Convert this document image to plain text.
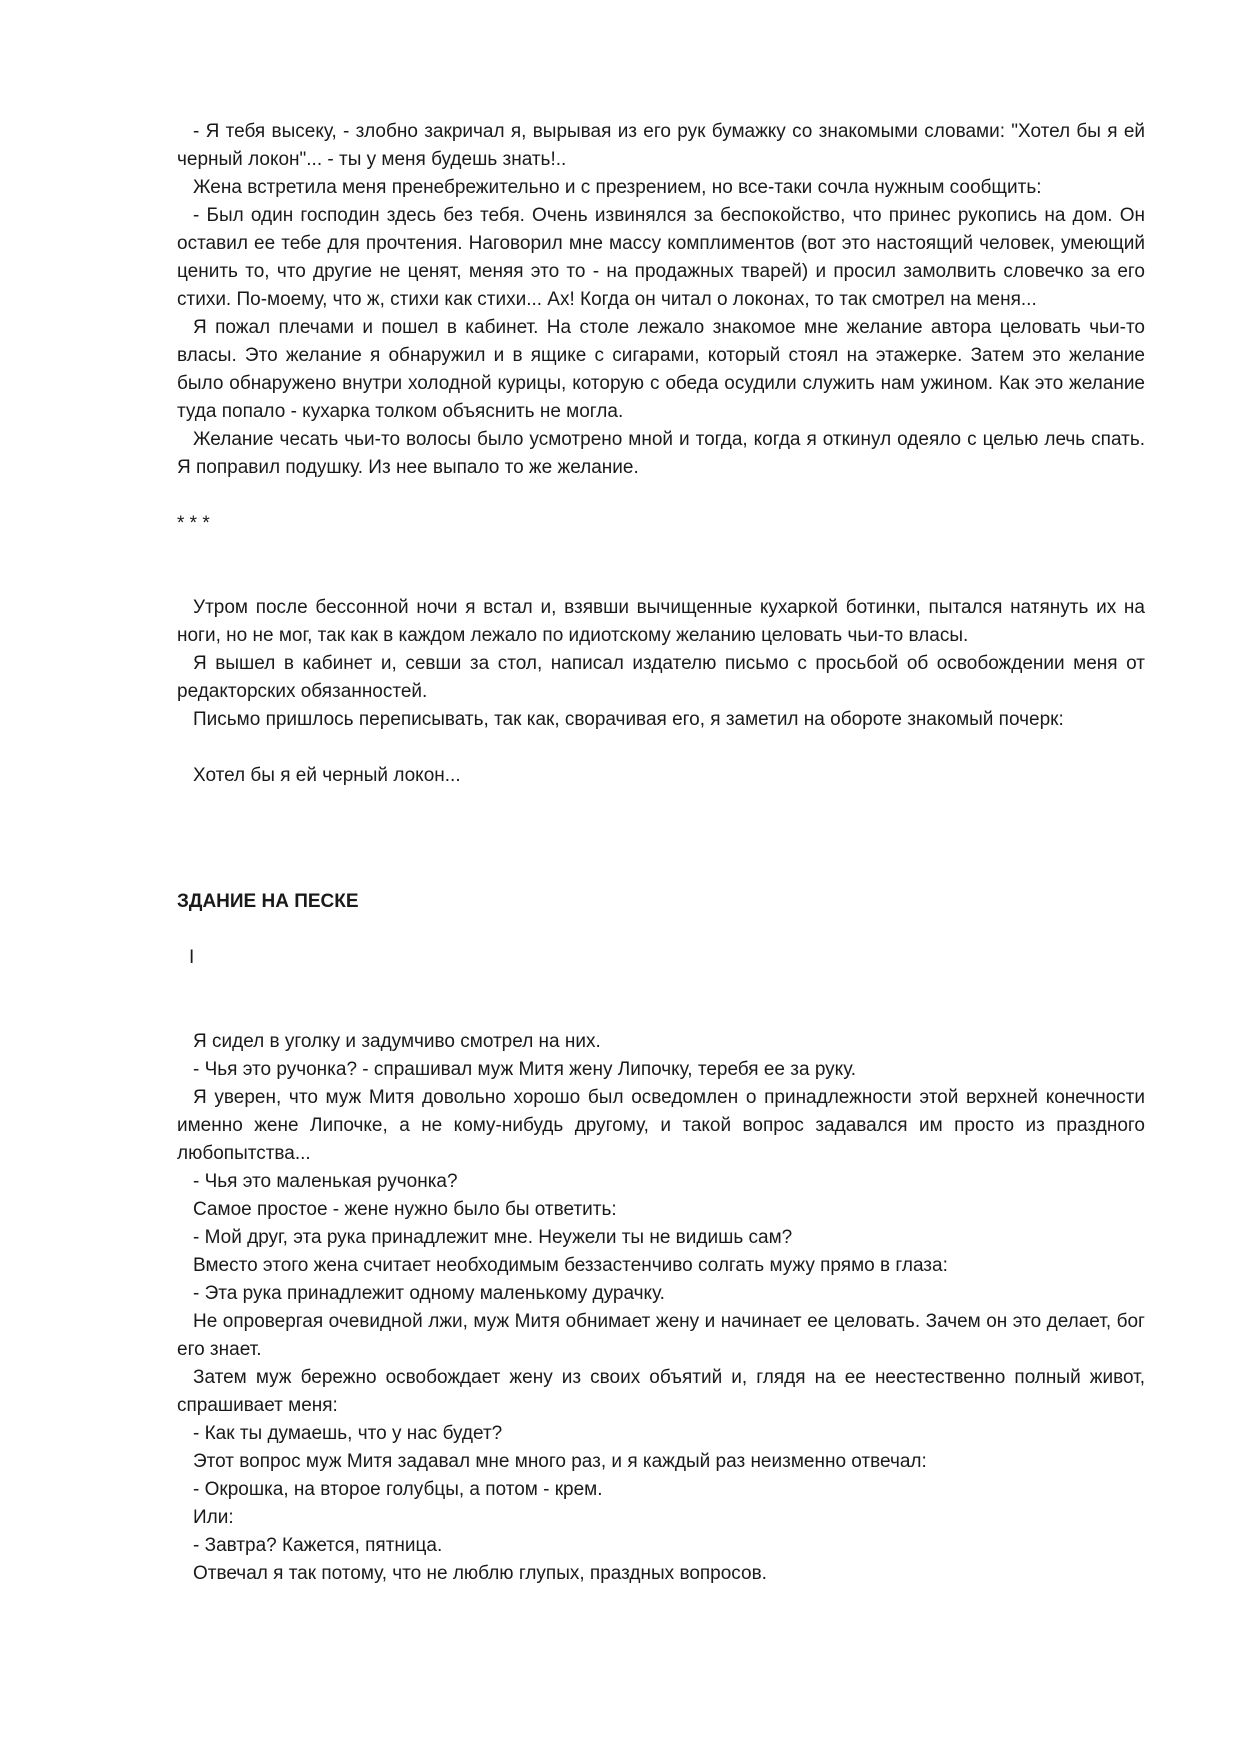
- Я тебя высеку, - злобно закричал я, вырывая из его рук бумажку со знакомыми словами: "Хотел бы я ей черный локон"... - ты у меня будешь знать!..

Жена встретила меня пренебрежительно и с презрением, но все-таки сочла нужным сообщить:

- Был один господин здесь без тебя. Очень извинялся за беспокойство, что принес рукопись на дом. Он оставил ее тебе для прочтения. Наговорил мне массу комплиментов (вот это настоящий человек, умеющий ценить то, что другие не ценят, меняя это то - на продажных тварей) и просил замолвить словечко за его стихи. По-моему, что ж, стихи как стихи... Ах! Когда он читал о локонах, то так смотрел на меня...

Я пожал плечами и пошел в кабинет. На столе лежало знакомое мне желание автора целовать чьи-то власы. Это желание я обнаружил и в ящике с сигарами, который стоял на этажерке. Затем это желание было обнаружено внутри холодной курицы, которую с обеда осудили служить нам ужином. Как это желание туда попало - кухарка толком объяснить не могла.

Желание чесать чьи-то волосы было усмотрено мной и тогда, когда я откинул одеяло с целью лечь спать. Я поправил подушку. Из нее выпало то же желание.

* * *

Утром после бессонной ночи я встал и, взявши вычищенные кухаркой ботинки, пытался натянуть их на ноги, но не мог, так как в каждом лежало по идиотскому желанию целовать чьи-то власы.

Я вышел в кабинет и, севши за стол, написал издателю письмо с просьбой об освобождении меня от редакторских обязанностей.

Письмо пришлось переписывать, так как, сворачивая его, я заметил на обороте знакомый почерк:

Хотел бы я ей черный локон...

ЗДАНИЕ НА ПЕСКЕ

I

Я сидел в уголку и задумчиво смотрел на них.

- Чья это ручонка? - спрашивал муж Митя жену Липочку, теребя ее за руку.

Я уверен, что муж Митя довольно хорошо был осведомлен о принадлежности этой верхней конечности именно жене Липочке, а не кому-нибудь другому, и такой вопрос задавался им просто из праздного любопытства...

- Чья это маленькая ручонка?

Самое простое - жене нужно было бы ответить:

- Мой друг, эта рука принадлежит мне. Неужели ты не видишь сам?

Вместо этого жена считает необходимым беззастенчиво солгать мужу прямо в глаза:

- Эта рука принадлежит одному маленькому дурачку.

Не опровергая очевидной лжи, муж Митя обнимает жену и начинает ее целовать. Зачем он это делает, бог его знает.

Затем муж бережно освобождает жену из своих объятий и, глядя на ее неестественно полный живот, спрашивает меня:

- Как ты думаешь, что у нас будет?

Этот вопрос муж Митя задавал мне много раз, и я каждый раз неизменно отвечал:

- Окрошка, на второе голубцы, а потом - крем.

Или:

- Завтра? Кажется, пятница.

Отвечал я так потому, что не люблю глупых, праздных вопросов.
